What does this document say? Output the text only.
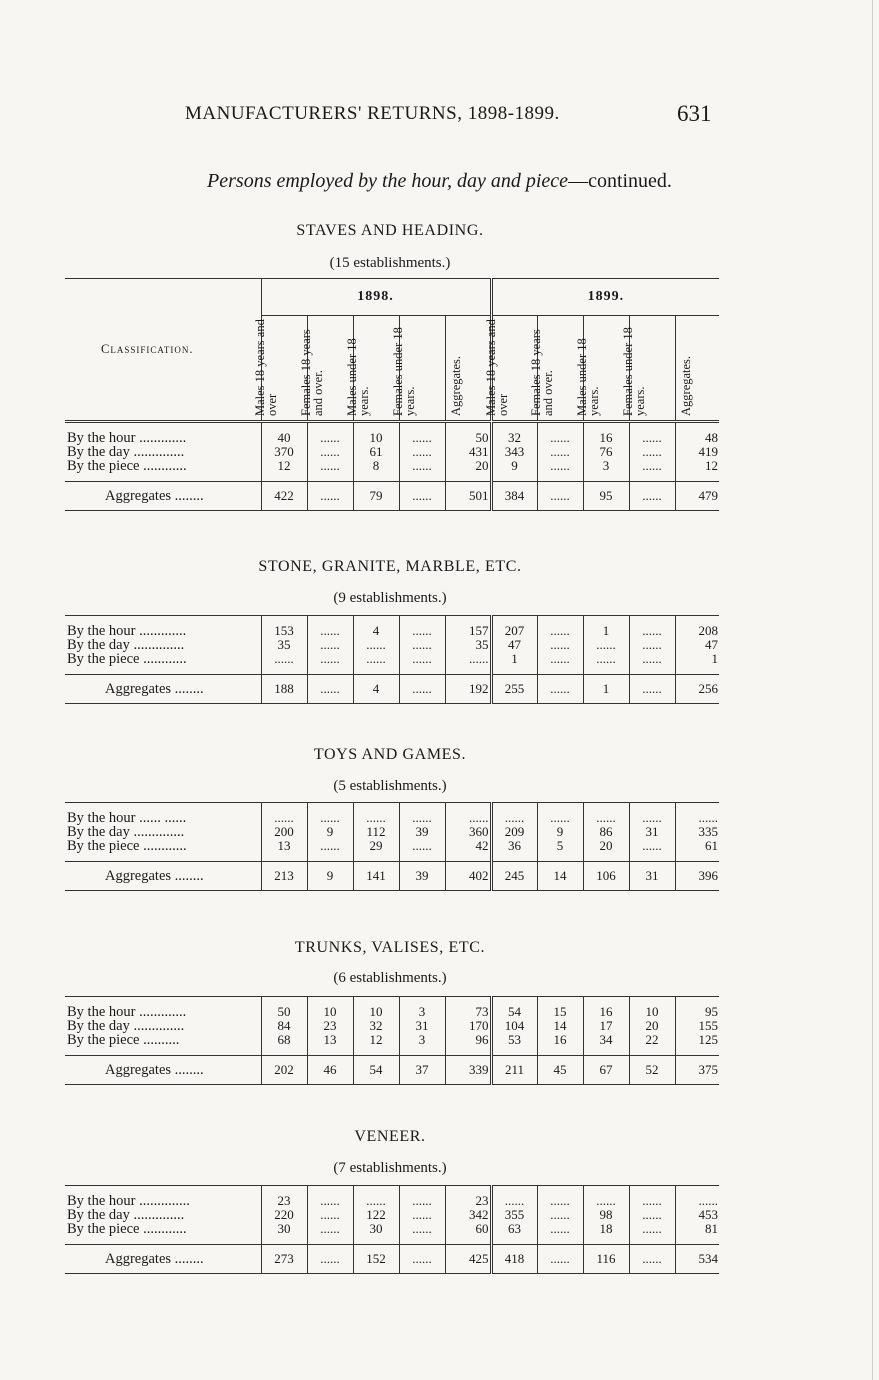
MANUFACTURERS' RETURNS, 1898-1899.	631
Persons employed by the hour, day and piece—continued.
STAVES AND HEADING.
(15 establishments.)
Classification.	1898.					1899.				

	Males 18 years and over	Females 18 years and over.	Males under 18 years.	Females under 18 years.	Aggregates.	Males 18 years and over	Females 18 years and over.	Males under 18 years.	Females under 18 years.	Aggregates.

By the hour .............	40	......	10	......	50	32	......	16	......	48
By the day ..............	370	......	61	......	431	343	......	76	......	419
By the piece ............	12	......	8	......	20	9	......	3	......	12

Aggregates ........	422	......	79	......	501	384	......	95	......	479
STONE, GRANITE, MARBLE, ETC.
(9 establishments.)

By the hour .............	153	......	4	......	157	207	......	1	......	208
By the day ..............	35	......	......	......	35	47	......	......	......	47
By the piece ............	......	......	......	......	......	1	......	......	......	1

Aggregates ........	188	......	4	......	192	255	......	1	......	256
TOYS AND GAMES.
(5 establishments.)

By the hour ...... ......	......	......	......	......	......	......	......	......	......	......
By the day ..............	200	9	112	39	360	209	9	86	31	335
By the piece ............	13	......	29	......	42	36	5	20	......	61

Aggregates ........	213	9	141	39	402	245	14	106	31	396
TRUNKS, VALISES, ETC.
(6 establishments.)

By the hour .............	50	10	10	3	73	54	15	16	10	95
By the day ..............	84	23	32	31	170	104	14	17	20	155
By the piece ..........	68	13	12	3	96	53	16	34	22	125

Aggregates ........	202	46	54	37	339	211	45	67	52	375
VENEER.
(7 establishments.)

By the hour ..............	23	......	......	......	23	......	......	......	......	......
By the day ..............	220	......	122	......	342	355	......	98	......	453
By the piece ............	30	......	30	......	60	63	......	18	......	81

Aggregates ........	273	......	152	......	425	418	......	116	......	534
